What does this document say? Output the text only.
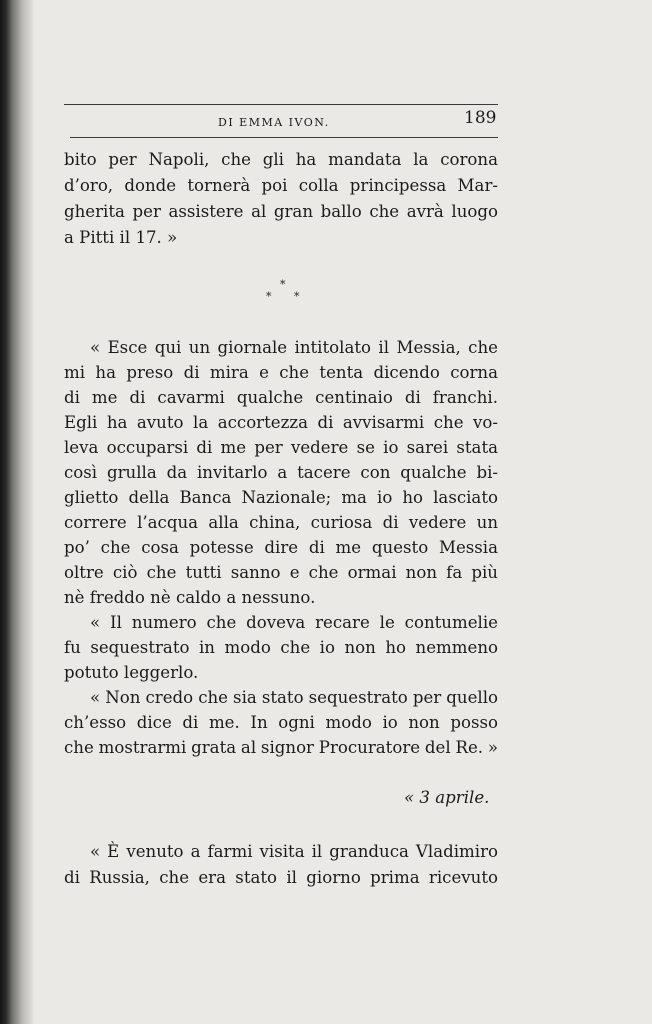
DI EMMA IVON.	189
bito per Napoli, che gli ha mandata la corona
d’oro, donde tornerà poi colla principessa Mar-
gherita per assistere al gran ballo che avrà luogo
a Pitti il 17. »
« Esce qui un giornale intitolato il Messia, che
mi ha preso di mira e che tenta dicendo corna
di me di cavarmi qualche centinaio di franchi.
Egli ha avuto la accortezza di avvisarmi che vo-
leva occuparsi di me per vedere se io sarei stata
così grulla da invitarlo a tacere con qualche bi-
glietto della Banca Nazionale; ma io ho lasciato
correre l’acqua alla china, curiosa di vedere un
po’ che cosa potesse dire di me questo Messia
oltre ciò che tutti sanno e che ormai non fa più
nè freddo nè caldo a nessuno.
« Il numero che doveva recare le contumelie
fu sequestrato in modo che io non ho nemmeno
potuto leggerlo.
« Non credo che sia stato sequestrato per quello
ch’esso dice di me. In ogni modo io non posso
che mostrarmi grata al signor Procuratore del Re. »
« È venuto a farmi visita il granduca Vladimiro
di Russia, che era stato il giorno prima ricevuto
*
* *
« 3 aprile.
